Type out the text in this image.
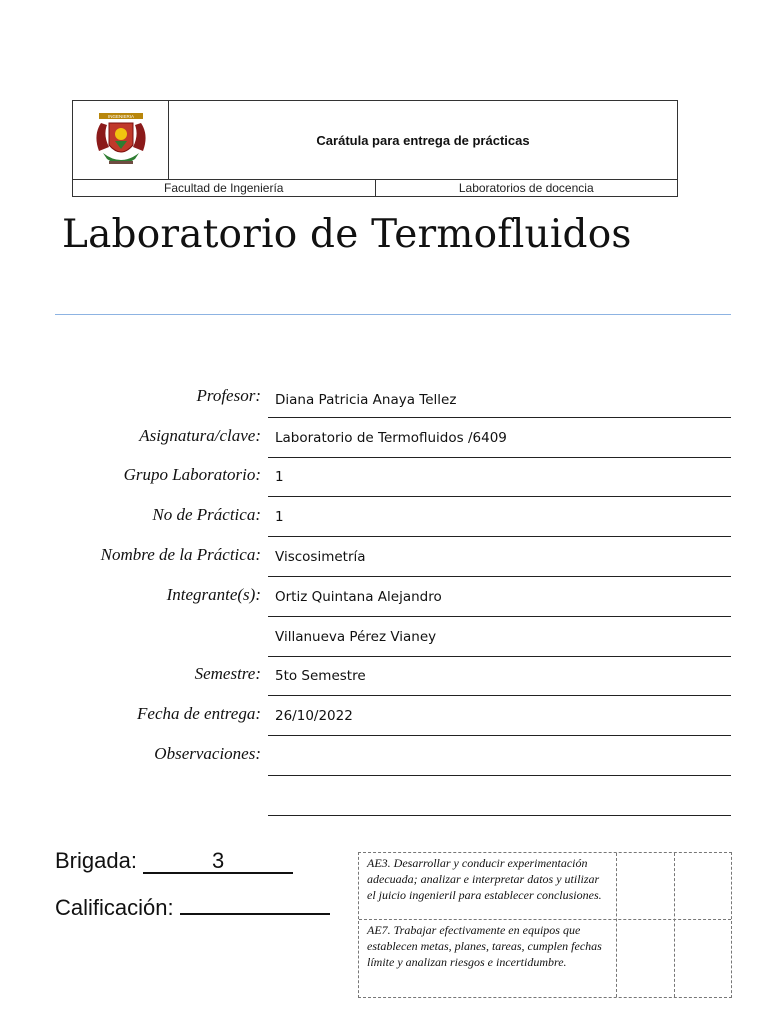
INGENIERIA
Carátula para entrega de prácticas
Facultad de Ingeniería	Laboratorios de docencia
Laboratorio de Termofluidos
Profesor: Diana Patricia Anaya Tellez
Asignatura/clave: Laboratorio de Termofluidos /6409
Grupo Laboratorio: 1
No de Práctica: 1
Nombre de la Práctica: Viscosimetría
Integrante(s): Ortiz Quintana Alejandro
Villanueva Pérez Vianey
Semestre: 5to Semestre
Fecha de entrega: 26/10/2022
Observaciones:
Brigada:	3
Calificación:
AE3. Desarrollar y conducir experimentación adecuada; analizar e interpretar datos y utilizar el juicio ingenieril para establecer conclusiones.
AE7. Trabajar efectivamente en equipos que establecen metas, planes, tareas, cumplen fechas límite y analizan riesgos e incertidumbre.
